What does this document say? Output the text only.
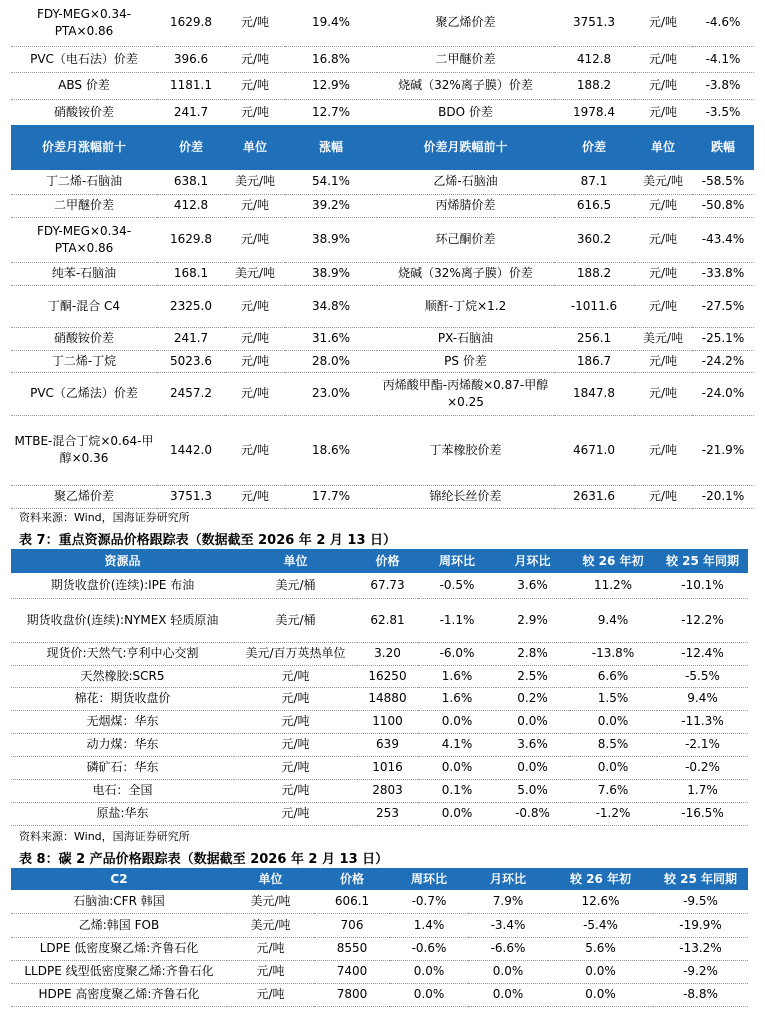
FDY-MEG×0.34-PTA×0.86	1629.8	元/吨	19.4%	聚乙烯价差	3751.3	元/吨	-4.6%
PVC（电石法）价差	396.6	元/吨	16.8%	二甲醚价差	412.8	元/吨	-4.1%
ABS 价差	1181.1	元/吨	12.9%	烧碱（32%离子膜）价差	188.2	元/吨	-3.8%
硝酸铵价差	241.7	元/吨	12.7%	BDO 价差	1978.4	元/吨	-3.5%
价差月涨幅前十	价差	单位	涨幅	价差月跌幅前十	价差	单位	跌幅
丁二烯-石脑油	638.1	美元/吨	54.1%	乙烯-石脑油	87.1	美元/吨	-58.5%
二甲醚价差	412.8	元/吨	39.2%	丙烯腈价差	616.5	元/吨	-50.8%
FDY-MEG×0.34-PTA×0.86	1629.8	元/吨	38.9%	环己酮价差	360.2	元/吨	-43.4%
纯苯-石脑油	168.1	美元/吨	38.9%	烧碱（32%离子膜）价差	188.2	元/吨	-33.8%
丁酮-混合 C4	2325.0	元/吨	34.8%	顺酐-丁烷×1.2	-1011.6	元/吨	-27.5%
硝酸铵价差	241.7	元/吨	31.6%	PX-石脑油	256.1	美元/吨	-25.1%
丁二烯-丁烷	5023.6	元/吨	28.0%	PS 价差	186.7	元/吨	-24.2%
PVC（乙烯法）价差	2457.2	元/吨	23.0%	丙烯酸甲酯-丙烯酸×0.87-甲醇×0.25	1847.8	元/吨	-24.0%
MTBE-混合丁烷×0.64-甲醇×0.36	1442.0	元/吨	18.6%	丁苯橡胶价差	4671.0	元/吨	-21.9%
聚乙烯价差	3751.3	元/吨	17.7%	锦纶长丝价差	2631.6	元/吨	-20.1%
资料来源：Wind，国海证券研究所
表 7：重点资源品价格跟踪表（数据截至 2026 年 2 月 13 日）
资源品	单位	价格	周环比	月环比	较 26 年初	较 25 年同期
期货收盘价(连续):IPE 布油	美元/桶	67.73	-0.5%	3.6%	11.2%	-10.1%
期货收盘价(连续):NYMEX 轻质原油	美元/桶	62.81	-1.1%	2.9%	9.4%	-12.2%
现货价:天然气:亨利中心交割	美元/百万英热单位	3.20	-6.0%	2.8%	-13.8%	-12.4%
天然橡胶:SCR5	元/吨	16250	1.6%	2.5%	6.6%	-5.5%
棉花：期货收盘价	元/吨	14880	1.6%	0.2%	1.5%	9.4%
无烟煤：华东	元/吨	1100	0.0%	0.0%	0.0%	-11.3%
动力煤：华东	元/吨	639	4.1%	3.6%	8.5%	-2.1%
磷矿石：华东	元/吨	1016	0.0%	0.0%	0.0%	-0.2%
电石：全国	元/吨	2803	0.1%	5.0%	7.6%	1.7%
原盐:华东	元/吨	253	0.0%	-0.8%	-1.2%	-16.5%
资料来源：Wind，国海证券研究所
表 8：碳 2 产品价格跟踪表（数据截至 2026 年 2 月 13 日）
C2	单位	价格	周环比	月环比	较 26 年初	较 25 年同期
石脑油:CFR 韩国	美元/吨	606.1	-0.7%	7.9%	12.6%	-9.5%
乙烯:韩国 FOB	美元/吨	706	1.4%	-3.4%	-5.4%	-19.9%
LDPE 低密度聚乙烯:齐鲁石化	元/吨	8550	-0.6%	-6.6%	5.6%	-13.2%
LLDPE 线型低密度聚乙烯:齐鲁石化	元/吨	7400	0.0%	0.0%	0.0%	-9.2%
HDPE 高密度聚乙烯:齐鲁石化	元/吨	7800	0.0%	0.0%	0.0%	-8.8%
